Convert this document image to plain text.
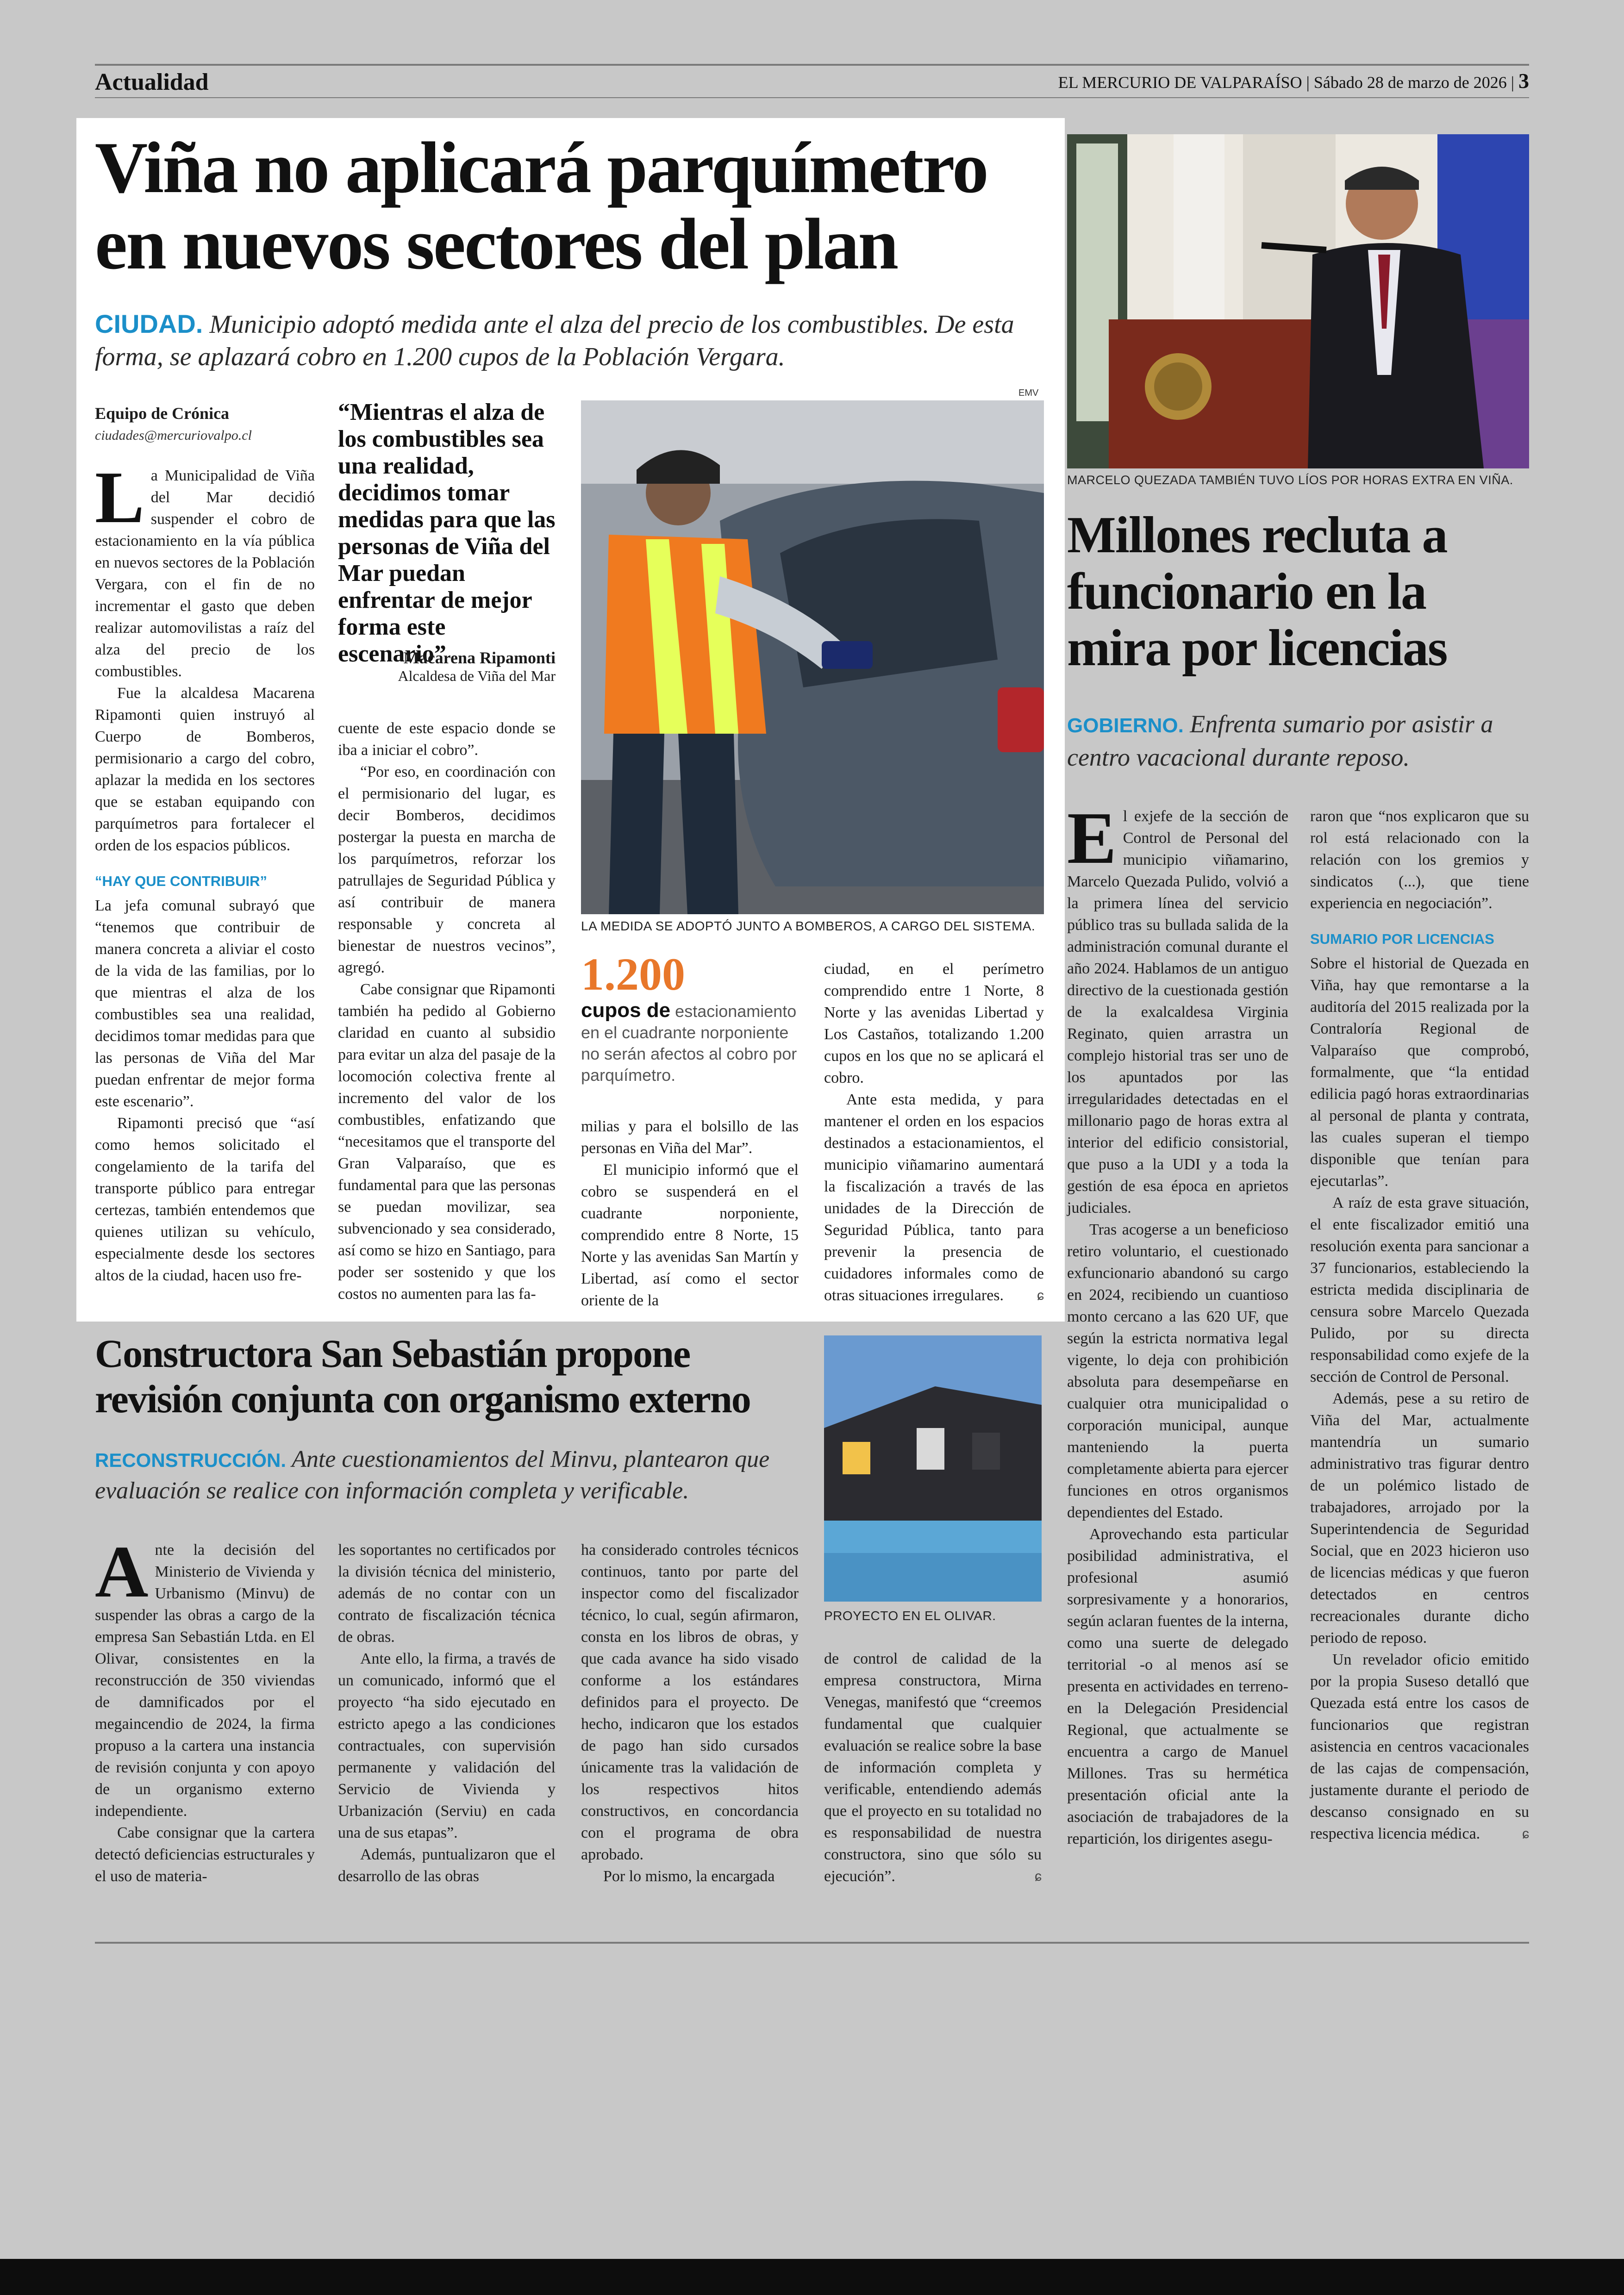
Actualidad	EL MERCURIO DE VALPARAÍSO | Sábado 28 de marzo de 2026 | 3
Viña no aplicará parquímetro
en nuevos sectores del plan
CIUDAD. Municipio adoptó medida ante el alza del precio de los combustibles. De esta forma, se aplazará cobro en 1.200 cupos de la Población Vergara.
Equipo de Crónica
ciudades@mercuriovalpo.cl

La Municipalidad de Viña del Mar decidió suspender el cobro de estacionamiento en la vía pública en nuevos sectores de la Población Vergara, con el fin de no incrementar el gasto que deben realizar automovilistas a raíz del alza del precio de los combustibles.

Fue la alcaldesa Macarena Ripamonti quien instruyó al Cuerpo de Bomberos, permisionario a cargo del cobro, aplazar la medida en los sectores que se estaban equipando con parquímetros para fortalecer el orden de los espacios públicos.

“HAY QUE CONTRIBUIR”

La jefa comunal subrayó que “tenemos que contribuir de manera concreta a aliviar el costo de la vida de las familias, por lo que mientras el alza de los combustibles sea una realidad, decidimos tomar medidas para que las personas de Viña del Mar puedan enfrentar de mejor forma este escenario”.

Ripamonti precisó que “así como hemos solicitado el congelamiento de la tarifa del transporte público para entregar certezas, también entendemos que quienes utilizan su vehículo, especialmente desde los sectores altos de la ciudad, hacen uso fre-

“Mientras el alza de los combustibles sea una realidad, decidimos tomar medidas para que las personas de Viña del Mar puedan enfrentar de mejor forma este escenario”
Macarena Ripamonti
Alcaldesa de Viña del Mar

cuente de este espacio donde se iba a iniciar el cobro”.

“Por eso, en coordinación con el permisionario del lugar, es decir Bomberos, decidimos postergar la puesta en marcha de los parquímetros, reforzar los patrullajes de Seguridad Pública y así contribuir de manera responsable y concreta al bienestar de nuestros vecinos”, agregó.

Cabe consignar que Ripamonti también ha pedido al Gobierno claridad en cuanto al subsidio para evitar un alza del pasaje de la locomoción colectiva frente al incremento del valor de los combustibles, enfatizando que “necesitamos que el transporte del Gran Valparaíso, que es fundamental para que las personas se puedan movilizar, sea subvencionado y sea considerado, así como se hizo en Santiago, para poder ser sostenido y que los costos no aumenten para las fa-

EMV
LA MEDIDA SE ADOPTÓ JUNTO A BOMBEROS, A CARGO DEL SISTEMA.
1.200
cupos de estacionamiento en el cuadrante norponiente no serán afectos al cobro por parquímetro.

milias y para el bolsillo de las personas en Viña del Mar”.

El municipio informó que el cobro se suspenderá en el cuadrante norponiente, comprendido entre 8 Norte, 15 Norte y las avenidas San Martín y Libertad, así como el sector oriente de la

ciudad, en el perímetro comprendido entre 1 Norte, 8 Norte y las avenidas Libertad y Los Castaños, totalizando 1.200 cupos en los que no se aplicará el cobro.

Ante esta medida, y para mantener el orden en los espacios destinados a estacionamientos, el municipio viñamarino aumentará la fiscalización a través de las unidades de la Dirección de Seguridad Pública, tanto para prevenir la presencia de cuidadores informales como de otras situaciones irregulares.	ɕ

MARCELO QUEZADA TAMBIÉN TUVO LÍOS POR HORAS EXTRA EN VIÑA.
Millones recluta a
funcionario en la
mira por licencias
GOBIERNO. Enfrenta sumario por asistir a centro vacacional durante reposo.

El exjefe de la sección de Control de Personal del municipio viñamarino, Marcelo Quezada Pulido, volvió a la primera línea del servicio público tras su bullada salida de la administración comunal durante el año 2024. Hablamos de un antiguo directivo de la cuestionada gestión de la exalcaldesa Virginia Reginato, quien arrastra un complejo historial tras ser uno de los apuntados por las irregularidades detectadas en el millonario pago de horas extra al interior del edificio consistorial, que puso a la UDI y a toda la gestión de esa época en aprietos judiciales.

Tras acogerse a un beneficioso retiro voluntario, el cuestionado exfuncionario abandonó su cargo en 2024, recibiendo un cuantioso monto cercano a las 620 UF, que según la estricta normativa legal vigente, lo deja con prohibición absoluta para desempeñarse en cualquier otra municipalidad o corporación municipal, aunque manteniendo la puerta completamente abierta para ejercer funciones en otros organismos dependientes del Estado.

Aprovechando esta particular posibilidad administrativa, el profesional asumió sorpresivamente y a honorarios, según aclaran fuentes de la interna, como una suerte de delegado territorial -o al menos así se presenta en actividades en terreno- en la Delegación Presidencial Regional, que actualmente se encuentra a cargo de Manuel Millones. Tras su hermética presentación oficial ante la asociación de trabajadores de la repartición, los dirigentes asegu-

raron que “nos explicaron que su rol está relacionado con la relación con los gremios y sindicatos (...), que tiene experiencia en negociación”.

SUMARIO POR LICENCIAS

Sobre el historial de Quezada en Viña, hay que remontarse a la auditoría del 2015 realizada por la Contraloría Regional de Valparaíso que comprobó, formalmente, que “la entidad edilicia pagó horas extraordinarias al personal de planta y contrata, las cuales superan el tiempo disponible que tenían para ejecutarlas”.

A raíz de esta grave situación, el ente fiscalizador emitió una resolución exenta para sancionar a 37 funcionarios, estableciendo la estricta medida disciplinaria de censura sobre Marcelo Quezada Pulido, por su directa responsabilidad como exjefe de la sección de Control de Personal.

Además, pese a su retiro de Viña del Mar, actualmente mantendría un sumario administrativo tras figurar dentro de un polémico listado de trabajadores, arrojado por la Superintendencia de Seguridad Social, que en 2023 hicieron uso de licencias médicas y que fueron detectados en centros recreacionales durante dicho periodo de reposo.

Un revelador oficio emitido por la propia Suseso detalló que Quezada está entre los casos de funcionarios que registran asistencia en centros vacacionales de las cajas de compensación, justamente durante el periodo de descanso consignado en su respectiva licencia médica.	ɕ

Constructora San Sebastián propone
revisión conjunta con organismo externo
RECONSTRUCCIÓN. Ante cuestionamientos del Minvu, plantearon que evaluación se realice con información completa y verificable.
PROYECTO EN EL OLIVAR.

Ante la decisión del Ministerio de Vivienda y Urbanismo (Minvu) de suspender las obras a cargo de la empresa San Sebastián Ltda. en El Olivar, consistentes en la reconstrucción de 350 viviendas de damnificados por el megaincendio de 2024, la firma propuso a la cartera una instancia de revisión conjunta y con apoyo de un organismo externo independiente.

Cabe consignar que la cartera detectó deficiencias estructurales y el uso de materia-

les soportantes no certificados por la división técnica del ministerio, además de no contar con un contrato de fiscalización técnica de obras.

Ante ello, la firma, a través de un comunicado, informó que el proyecto “ha sido ejecutado en estricto apego a las condiciones contractuales, con supervisión permanente y validación del Servicio de Vivienda y Urbanización (Serviu) en cada una de sus etapas”.

Además, puntualizaron que el desarrollo de las obras

ha considerado controles técnicos continuos, tanto por parte del inspector como del fiscalizador técnico, lo cual, según afirmaron, consta en los libros de obras, y que cada avance ha sido visado conforme a los estándares definidos para el proyecto. De hecho, indicaron que los estados de pago han sido cursados únicamente tras la validación de los respectivos hitos constructivos, en concordancia con el programa de obra aprobado.

Por lo mismo, la encargada

de control de calidad de la empresa constructora, Mirna Venegas, manifestó que “creemos fundamental que cualquier evaluación se realice sobre la base de información completa y verificable, entendiendo además que el proyecto en su totalidad no es responsabilidad de nuestra constructora, sino que sólo su ejecución”.	ɕ
